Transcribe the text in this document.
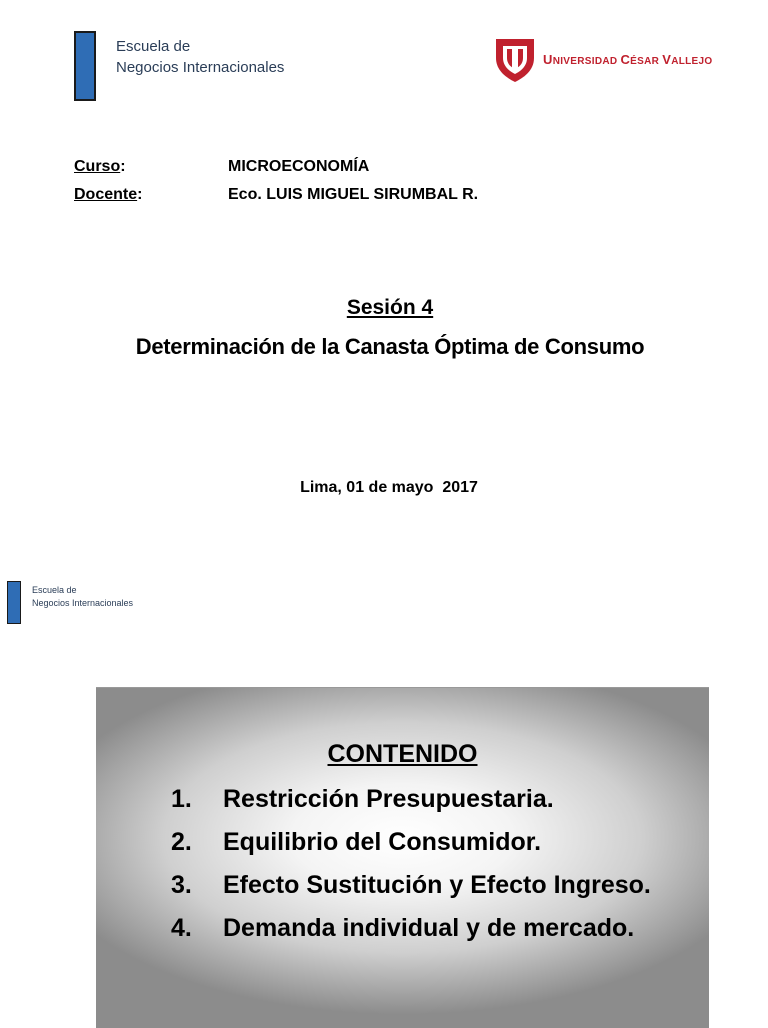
Escuela de
Negocios Internacionales	UNIVERSIDAD CÉSAR VALLEJO
Curso:	MICROECONOMÍA
Docente:	Eco. LUIS MIGUEL SIRUMBAL R.
Sesión 4
Determinación de la Canasta Óptima de Consumo
Lima, 01 de mayo  2017
Escuela de
Negocios Internacionales
CONTENIDO
1.	Restricción Presupuestaria.
2.	Equilibrio del Consumidor.
3.	Efecto Sustitución y Efecto Ingreso.
4.	Demanda individual y de mercado.
